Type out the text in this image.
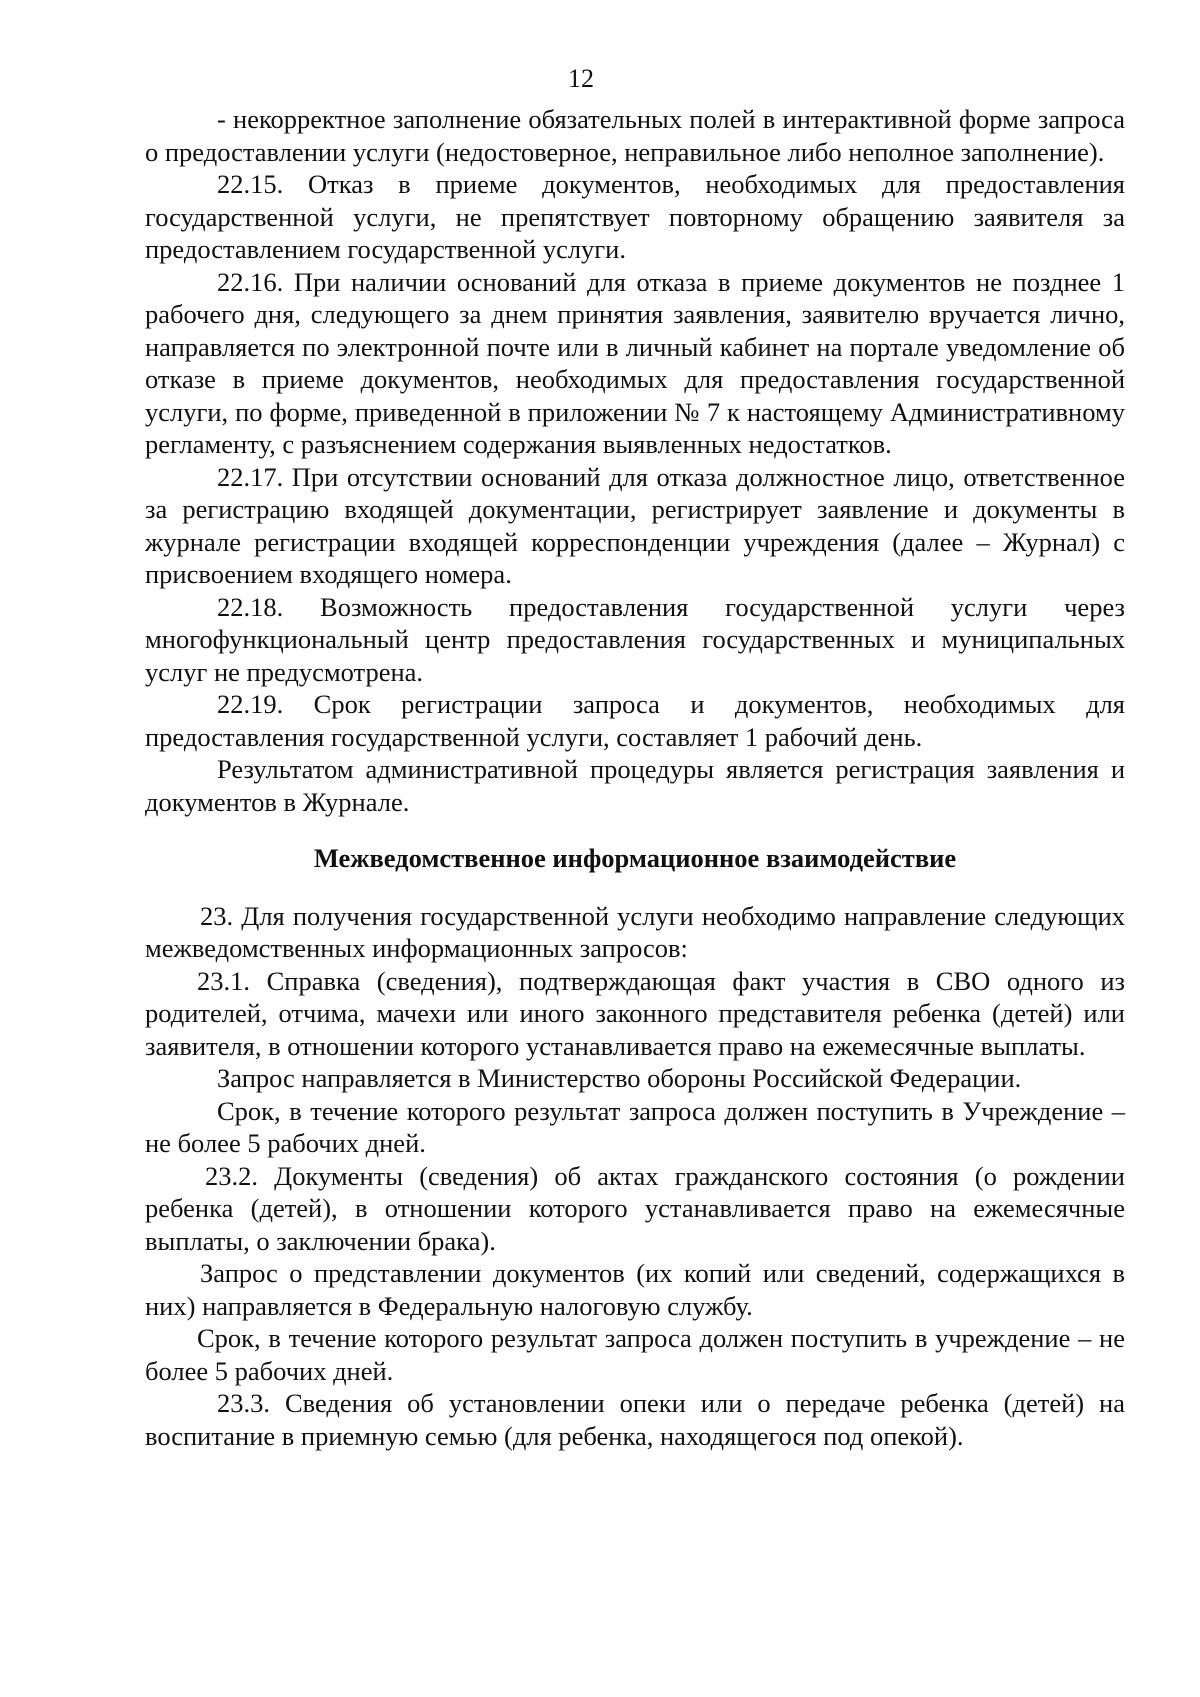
12

- некорректное заполнение обязательных полей в интерактивной форме запроса о предоставлении услуги (недостоверное, неправильное либо неполное заполнение).

22.15. Отказ в приеме документов, необходимых для предоставления государственной услуги, не препятствует повторному обращению заявителя за предоставлением государственной услуги.

22.16. При наличии оснований для отказа в приеме документов не позднее 1 рабочего дня, следующего за днем принятия заявления, заявителю вручается лично, направляется по электронной почте или в личный кабинет на портале уведомление об отказе в приеме документов, необходимых для предоставления государственной услуги, по форме, приведенной в приложении № 7 к настоящему Административному регламенту, с разъяснением содержания выявленных недостатков.

22.17. При отсутствии оснований для отказа должностное лицо, ответственное за регистрацию входящей документации, регистрирует заявление и документы в журнале регистрации входящей корреспонденции учреждения (далее – Журнал) с присвоением входящего номера.

22.18. Возможность предоставления государственной услуги через многофункциональный центр предоставления государственных и муниципальных услуг не предусмотрена.

22.19. Срок регистрации запроса и документов, необходимых для предоставления государственной услуги, составляет 1 рабочий день.

Результатом административной процедуры является регистрация заявления и документов в Журнале.

Межведомственное информационное взаимодействие

23. Для получения государственной услуги необходимо направление следующих межведомственных информационных запросов:

23.1. Справка (сведения), подтверждающая факт участия в СВО одного из родителей, отчима, мачехи или иного законного представителя ребенка (детей) или заявителя, в отношении которого устанавливается право на ежемесячные выплаты.

Запрос направляется в Министерство обороны Российской Федерации.

Срок, в течение которого результат запроса должен поступить в Учреждение – не более 5 рабочих дней.

23.2. Документы (сведения) об актах гражданского состояния (о рождении ребенка (детей), в отношении которого устанавливается право на ежемесячные выплаты, о заключении брака).

Запрос о представлении документов (их копий или сведений, содержащихся в них) направляется в Федеральную налоговую службу.

Срок, в течение которого результат запроса должен поступить в учреждение – не более 5 рабочих дней.

23.3. Сведения об установлении опеки или о передаче ребенка (детей) на воспитание в приемную семью (для ребенка, находящегося под опекой).
